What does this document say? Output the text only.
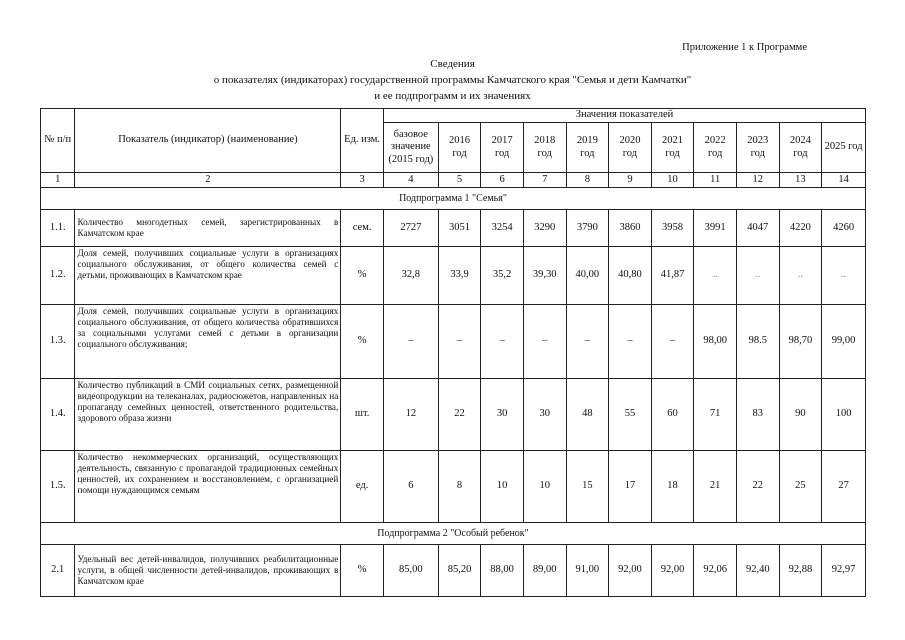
Приложение 1 к Программе
Сведения
о показателях (индикаторах) государственной программы Камчатского края "Семья и дети Камчатки"
и ее подпрограмм и их значениях
№ п/п	Показатель (индикатор) (наименование)	Ед. изм.	Значения показателей										
			базовое значение (2015 год)	2016 год	2017 год	2018 год	2019 год	2020 год	2021 год	2022 год	2023 год	2024 год	2025 год
1	2	3	4	5	6	7	8	9	10	11	12	13	14
Подпрограмма 1 "Семья"													
1.1.	Количество многодетных семей, зарегистрированных в Камчатском крае	сем.	2727	3051	3254	3290	3790	3860	3958	3991	4047	4220	4260
1.2.	Доля семей, получивших социальные услуги в организациях социального обслуживания, от общего количества семей с детьми, проживающих в Камчатском крае	%	32,8	33,9	35,2	39,30	40,00	40,80	41,87	..	..	..	..
1.3.	Доля семей, получивших социальные услуги в организациях социального обслуживания, от общего количества обратившихся за социальными услугами семей с детьми в организации социального обслуживания;	%	–	–	–	–	–	–	–	98,00	98.5	98,70	99,00
1.4.	Количество публикаций в СМИ социальных сетях, размещенной видеопродукции на телеканалах, радиосюжетов, направленных на пропаганду семейных ценностей, ответственного родительства, здорового образа жизни	шт.	12	22	30	30	48	55	60	71	83	90	100
1.5.	Количество некоммерческих организаций, осуществляющих деятельность, связанную с пропагандой традиционных семейных ценностей, их сохранением и восстановлением, с организацией помощи нуждающимся семьям	ед.	6	8	10	10	15	17	18	21	22	25	27
Подпрограмма 2 "Особый ребенок"													
2.1	Удельный вес детей-инвалидов, получивших реабилитационные услуги, в общей численности детей-инвалидов, проживающих в Камчатском крае	%	85,00	85,20	88,00	89,00	91,00	92,00	92,00	92,06	92,40	92,88	92,97
